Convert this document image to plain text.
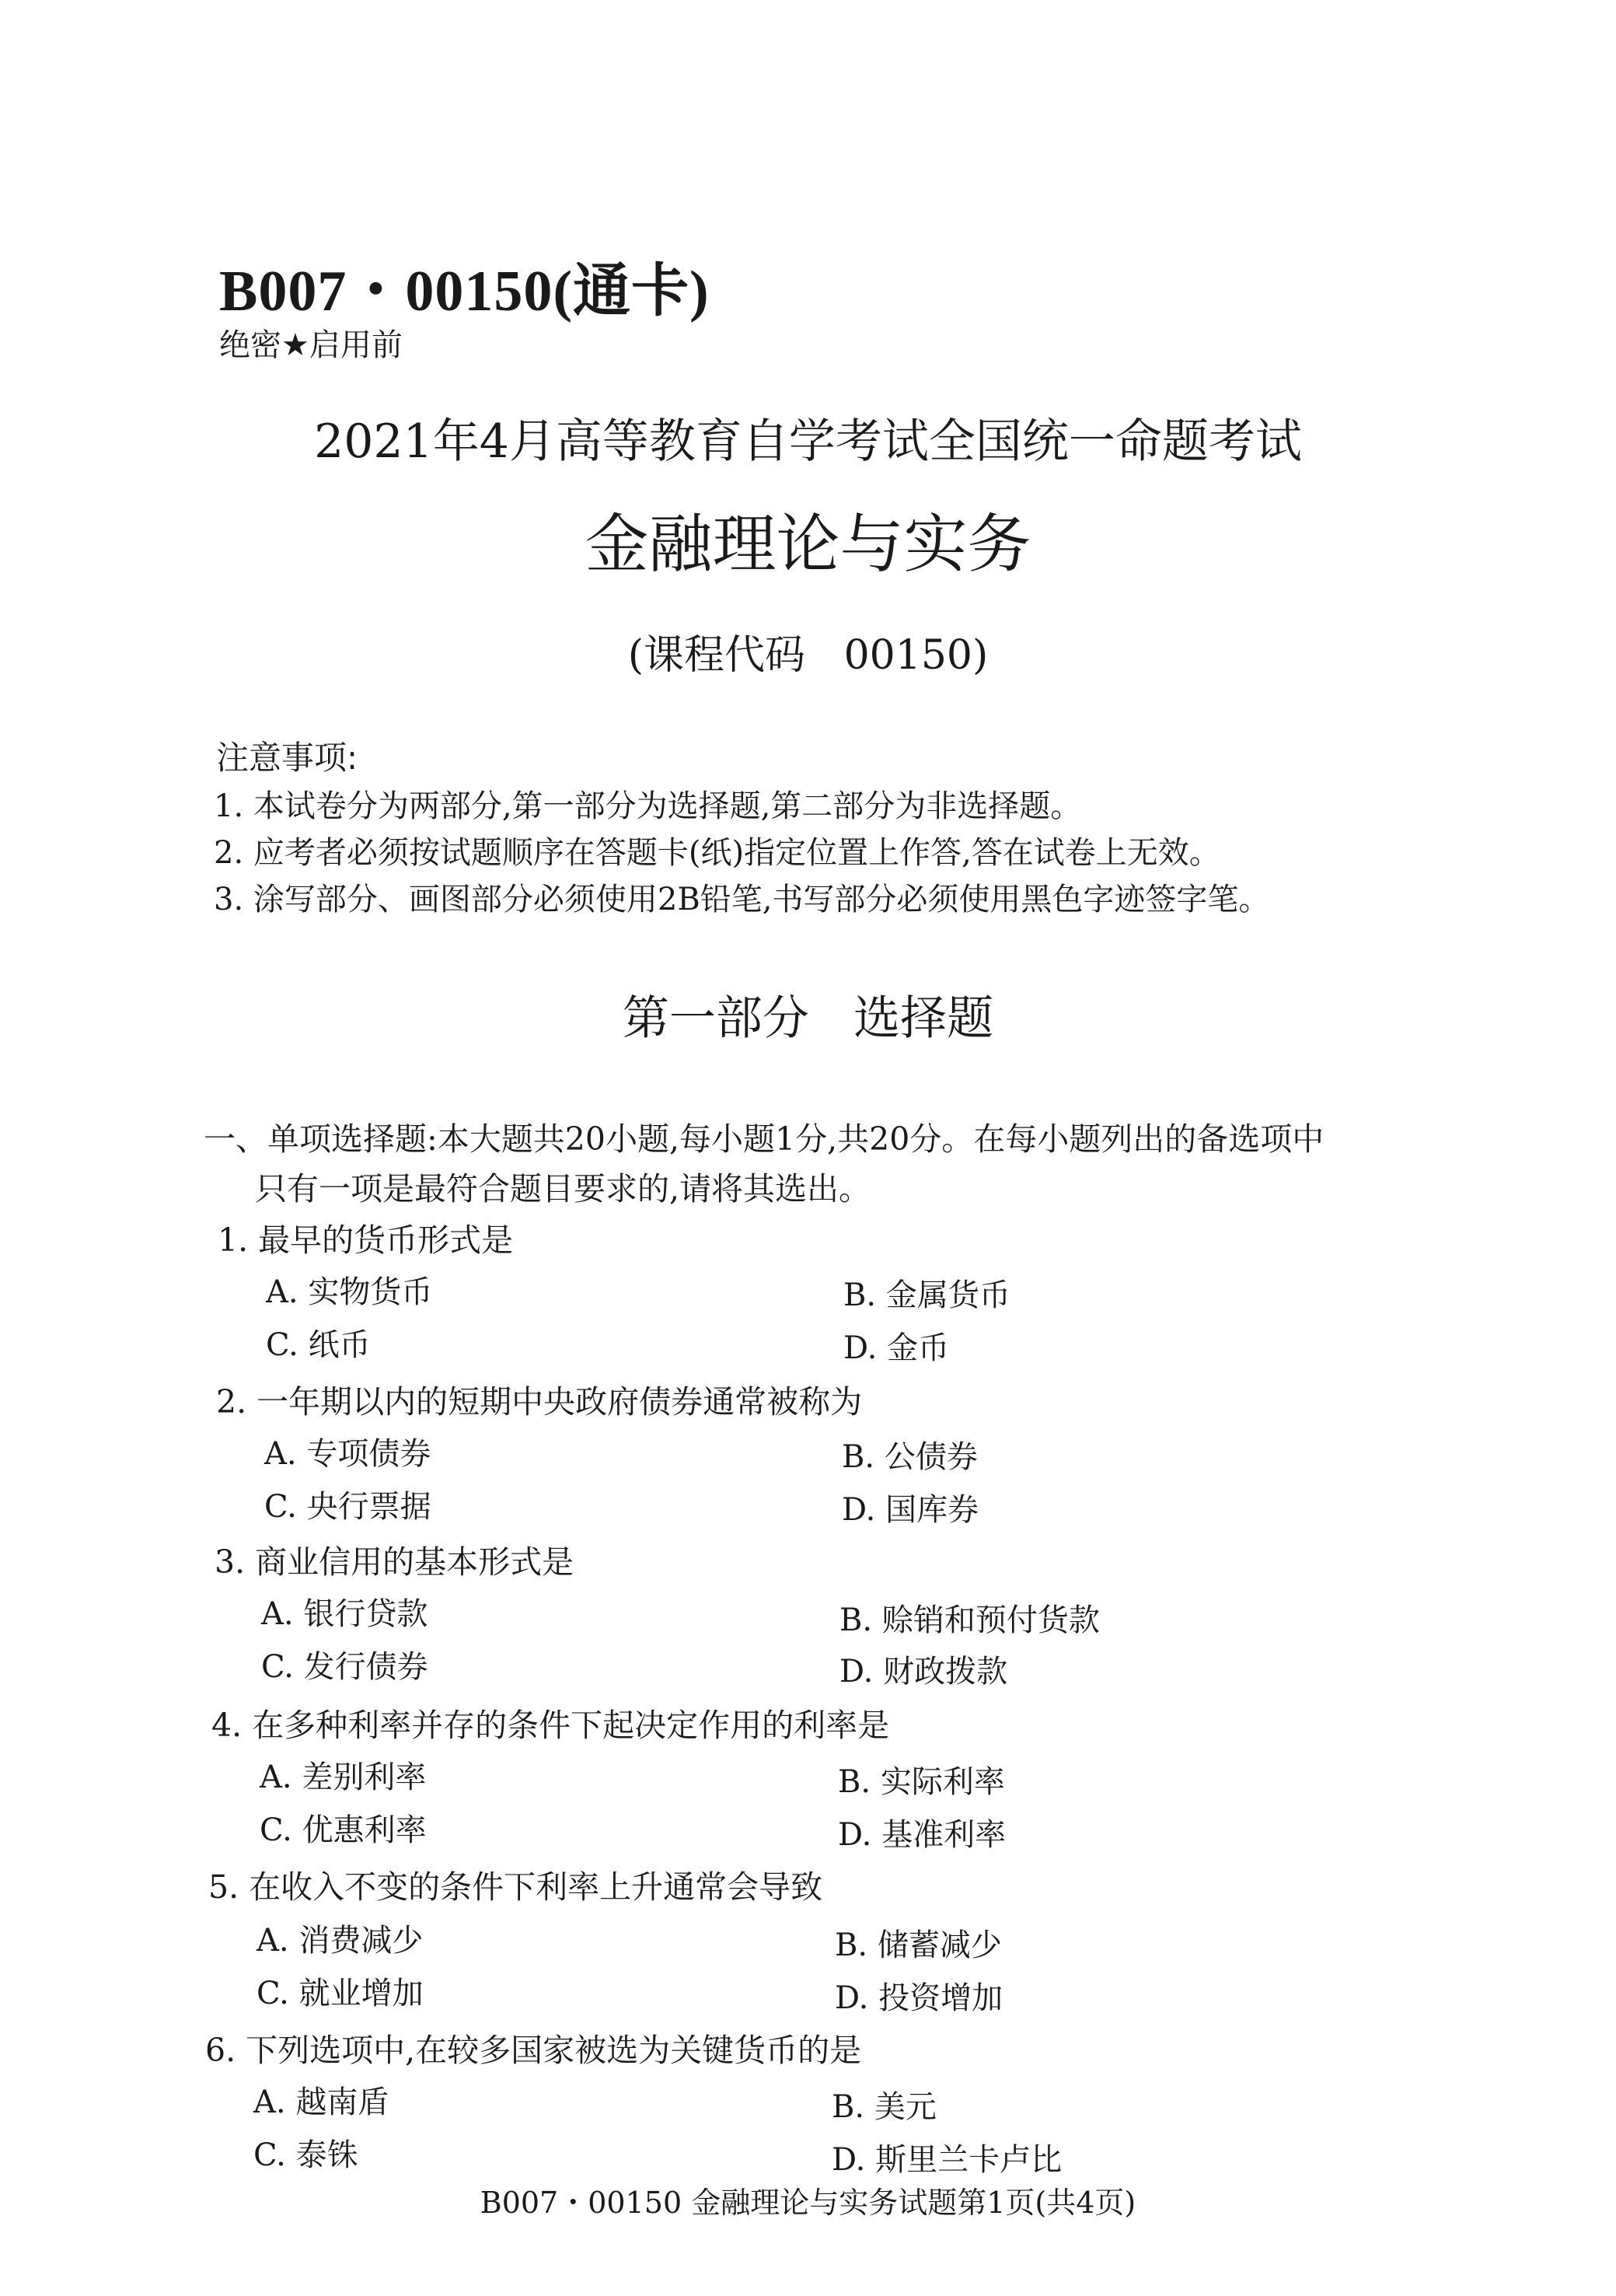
B007・00150(通卡)
绝密★启用前
2021年4月高等教育自学考试全国统一命题考试
金融理论与实务
(课程代码   00150)
注意事项:
1. 本试卷分为两部分,第一部分为选择题,第二部分为非选择题。
2. 应考者必须按试题顺序在答题卡(纸)指定位置上作答,答在试卷上无效。
3. 涂写部分、画图部分必须使用2B铅笔,书写部分必须使用黑色字迹签字笔。
第一部分   选择题
一、单项选择题:本大题共20小题,每小题1分,共20分。在每小题列出的备选项中
只有一项是最符合题目要求的,请将其选出。
1. 最早的货币形式是
A. 实物货币	B. 金属货币
C. 纸币	D. 金币
2. 一年期以内的短期中央政府债券通常被称为
A. 专项债券	B. 公债券
C. 央行票据	D. 国库券
3. 商业信用的基本形式是
A. 银行贷款	B. 赊销和预付货款
C. 发行债券	D. 财政拨款
4. 在多种利率并存的条件下起决定作用的利率是
A. 差别利率	B. 实际利率
C. 优惠利率	D. 基准利率
5. 在收入不变的条件下利率上升通常会导致
A. 消费减少	B. 储蓄减少
C. 就业增加	D. 投资增加
6. 下列选项中,在较多国家被选为关键货币的是
A. 越南盾	B. 美元
C. 泰铢	D. 斯里兰卡卢比
B007・00150 金融理论与实务试题第1页(共4页)
